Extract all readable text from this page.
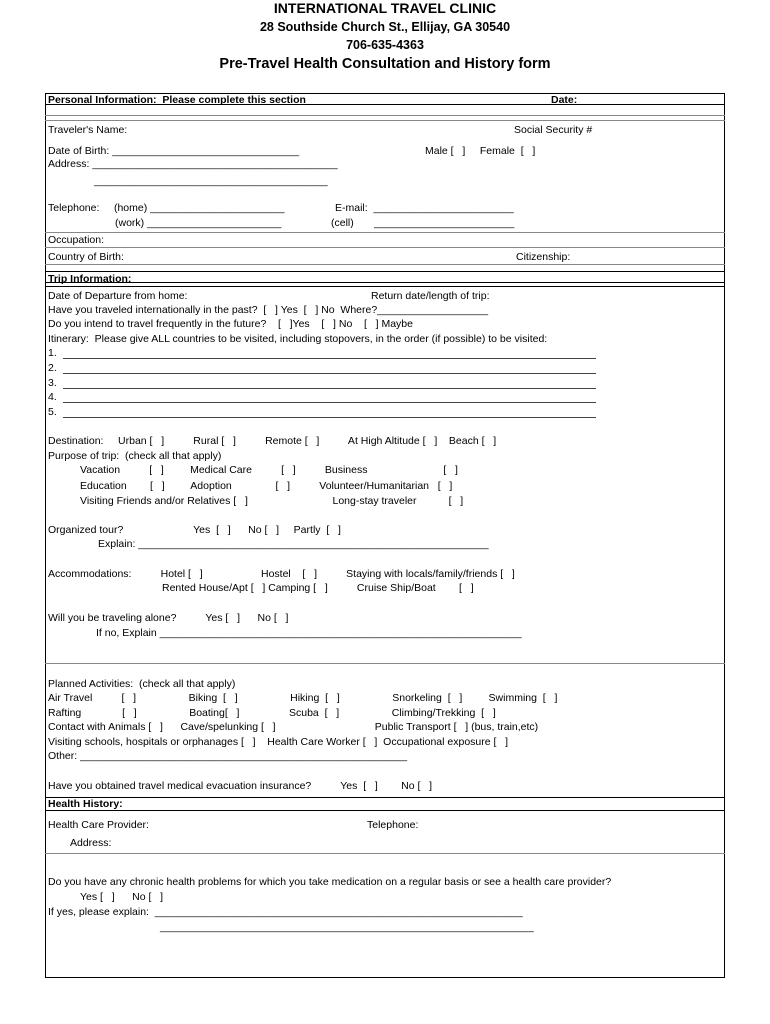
INTERNATIONAL TRAVEL CLINIC
28 Southside Church St., Ellijay, GA 30540
706-635-4363
Pre-Travel Health Consultation and History form
Personal Information:  Please complete this section	Date:
Traveler's Name:	Social Security #
Date of Birth: ________________________________	Male [   ]     Female  [   ]
Address: __________________________________________
________________________________________
Telephone:     (home) _______________________	E-mail:  ________________________
(work) _______________________	(cell)       ________________________
Occupation:
Country of Birth:	Citizenship:
Trip Information:
Date of Departure from home:	Return date/length of trip:
Have you traveled internationally in the past?  [   ] Yes  [   ] No  Where?___________________
Do you intend to travel frequently in the future?    [   ]Yes    [   ] No    [   ] Maybe
Itinerary:  Please give ALL countries to be visited, including stopovers, in the order (if possible) to be visited:
1.
2.
3.
4.
5.
Destination:     Urban [   ]          Rural [   ]          Remote [   ]          At High Altitude [   ]    Beach [   ]
Purpose of trip:  (check all that apply)
Vacation          [   ]         Medical Care          [   ]          Business                          [   ]
Education        [   ]         Adoption               [   ]          Volunteer/Humanitarian   [   ]
Visiting Friends and/or Relatives [   ]                             Long-stay traveler           [   ]
Organized tour?                        Yes  [   ]      No [   ]     Partly  [   ]
Explain: ____________________________________________________________
Accommodations:          Hotel [   ]                    Hostel    [   ]          Staying with locals/family/friends [   ]
Rented House/Apt [   ] Camping [   ]          Cruise Ship/Boat        [   ]
Will you be traveling alone?          Yes [   ]      No [   ]
If no, Explain ______________________________________________________________
Planned Activities:  (check all that apply)
Air Travel          [   ]                  Biking  [   ]                  Hiking  [   ]                  Snorkeling  [   ]         Swimming  [   ]
Rafting              [   ]                  Boating[   ]                 Scuba  [   ]                  Climbing/Trekking  [   ]
Contact with Animals [   ]      Cave/spelunking [   ]                                  Public Transport [   ] (bus, train,etc)
Visiting schools, hospitals or orphanages [   ]    Health Care Worker [   ]  Occupational exposure [   ]
Other: ________________________________________________________
Have you obtained travel medical evacuation insurance?          Yes  [   ]        No [   ]
Health History:
Health Care Provider:	Telephone:
Address:
Do you have any chronic health problems for which you take medication on a regular basis or see a health care provider?
Yes [   ]      No [   ]
If yes, please explain:  _______________________________________________________________
________________________________________________________________
